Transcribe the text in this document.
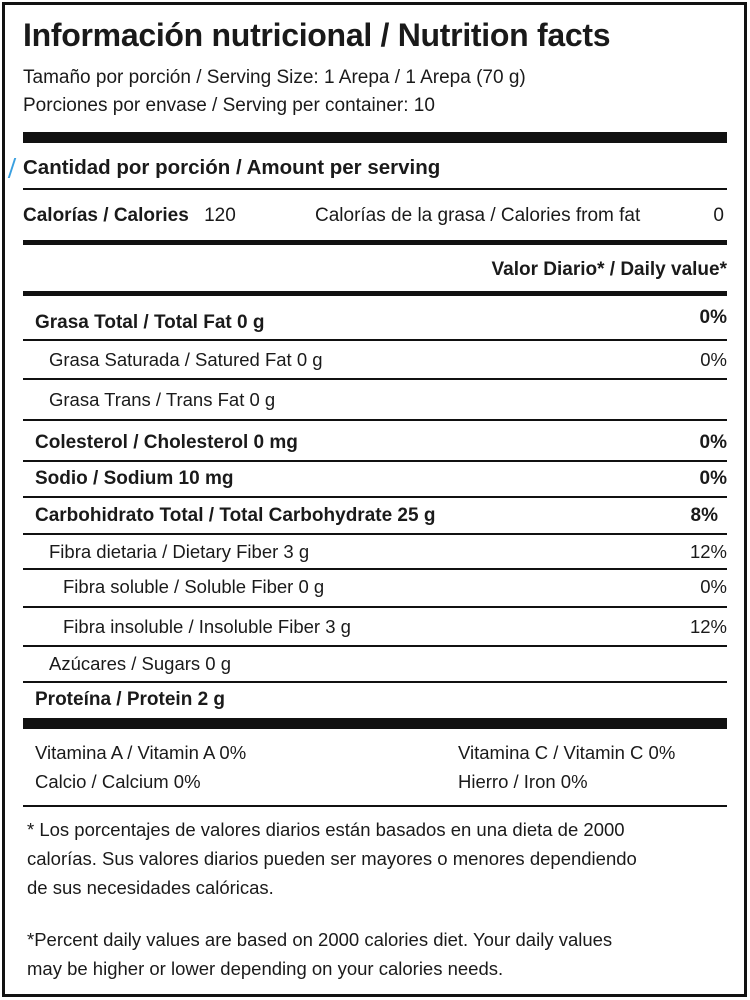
Información nutricional / Nutrition facts
Tamaño por porción / Serving Size: 1 Arepa / 1 Arepa (70 g)
Porciones por envase / Serving per container: 10
Cantidad por porción / Amount per serving
Calorías / Calories 120	Calorías de la grasa / Calories from fat	0
Valor Diario* / Daily value*
Grasa Total / Total Fat 0 g	0%
Grasa Saturada / Satured Fat 0 g	0%
Grasa Trans / Trans Fat 0 g
Colesterol / Cholesterol 0 mg	0%
Sodio / Sodium 10 mg	0%
Carbohidrato Total / Total Carbohydrate 25 g	8%
Fibra dietaria / Dietary Fiber 3 g	12%
Fibra soluble / Soluble Fiber 0 g	0%
Fibra insoluble / Insoluble Fiber 3 g	12%
Azúcares / Sugars 0 g
Proteína / Protein 2 g
Vitamina A / Vitamin A 0%	Vitamina C / Vitamin C 0%
Calcio / Calcium 0%	Hierro / Iron 0%
* Los porcentajes de valores diarios están basados en una dieta de 2000
calorías. Sus valores diarios pueden ser mayores o menores dependiendo
de sus necesidades calóricas.
*Percent daily values are based on 2000 calories diet. Your daily values
may be higher or lower depending on your calories needs.
